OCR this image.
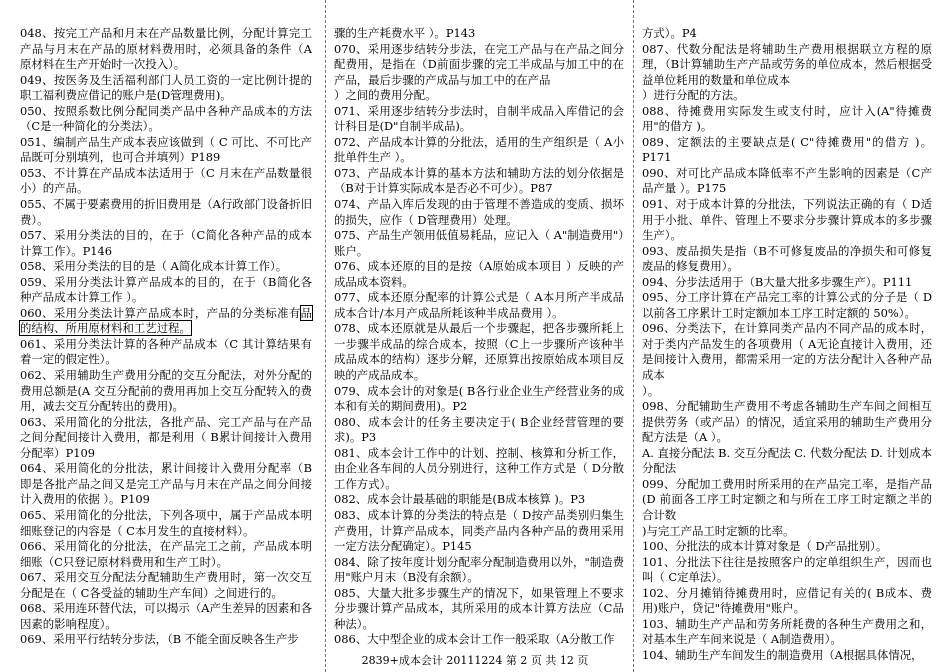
048、按完工产品和月末在产品数量比例，分配计算完工产品与月末在产品的原材料费用时，必须具备的条件（A原材料在生产开始时一次投入）。

049、按医务及生活福利部门人员工资的一定比例计提的职工福利费应借记的账户是(D管理费用)。

050、按照系数比例分配同类产品中各种产品成本的方法（C是一种简化的分类法）。

051、编制产品生产成本表应该做到（ C 可比、不可比产品既可分别填列，也可合并填列）P189

053、不计算在产品成本法适用于（C 月末在产品数量很小）的产品。

055、不属于要素费用的折旧费用是（A行政部门设备折旧费）。

057、采用分类法的目的，在于（C简化各种产品的成本计算工作）。P146

058、采用分类法的目的是（ A简化成本计算工作）。

059、采用分类法计算产品成本的目的，在于（B简化各种产品成本计算工作 ）。

060、采用分类法计算产品成本时，产品的分类标准有品的结构、所用原材料和工艺过程。

061、采用分类法计算的各种产品成本（C 其计算结果有着一定的假定性）。

062、采用辅助生产费用分配的交互分配法，对外分配的费用总额是(A 交互分配前的费用再加上交互分配转入的费用，减去交互分配转出的费用)。

063、采用简化的分批法，各批产品、完工产品与在产品之间分配间接计入费用，都是利用（ B累计间接计入费用分配率）P109

064、采用简化的分批法，累计间接计入费用分配率（B即是各批产品之间又是完工产品与月末在产品之间分间接计入费用的依据 ）。P109

065、采用简化的分批法，下列各项中，属于产品成本明细账登记的内容是（ C本月发生的直接材料）。

066、采用简化的分批法，在产品完工之前，产品成本明细账（C只登记原材料费用和生产工时）。

067、采用交互分配法分配辅助生产费用时，第一次交互分配是在（ C各受益的辅助生产车间）之间进行的。

068、采用连环替代法，可以揭示（A产生差异的因素和各因素的影响程度）。

069、采用平行结转分步法，（B 不能全面反映各生产步

骤的生产耗费水平 ）。P143

070、采用逐步结转分步法，在完工产品与在产品之间分配费用，是指在（D前面步骤的完工半成品与加工中的在产品，最后步骤的产成品与加工中的在产品

）之间的费用分配。

071、采用逐步结转分步法时，自制半成品入库借记的会计科目是(D"自制半成品)。

072、产品成本计算的分批法，适用的生产组织是（ A小批单件生产 ）。

073、产品成本计算的基本方法和辅助方法的划分依据是（B对于计算实际成本是否必不可少）。P87

074、产品入库后发现的由于管理不善造成的变质、损坏的损失，应作（ D管理费用）处理。

075、产品生产领用低值易耗品，应记入（ A"制造费用"）账户。

076、成本还原的目的是按（A原始成本项目 ）反映的产成品成本资料。

077、成本还原分配率的计算公式是（ A本月所产半成品成本合计/本月产成品所耗该种半成品费用 ）。

078、成本还原就是从最后一个步骤起，把各步骤所耗上一步骤半成品的综合成本，按照（C上一步骤所产该种半成品成本的结构）逐步分解，还原算出按原始成本项目反映的产成品成本。

079、成本会计的对象是( B各行业企业生产经营业务的成本和有关的期间费用)。P2

080、成本会计的任务主要决定于( B企业经营管理的要求)。P3

081、成本会计工作中的计划、控制、核算和分析工作，由企业各车间的人员分别进行，这种工作方式是（ D分散工作方式）。

082、成本会计最基础的职能是(B成本核算 )。P3

083、成本计算的分类法的特点是（ D按产品类别归集生产费用，计算产品成本，同类产品内各种产品的费用采用一定方法分配确定）。P145

084、除了按年度计划分配率分配制造费用以外，"制造费用"账户月末（B没有余额）。

085、大量大批多步骤生产的情况下，如果管理上不要求分步骤计算产品成本，其所采用的成本计算方法应（C品种法）。

086、大中型企业的成本会计工作一般采取（A分散工作

方式）。P4

087、代数分配法是将辅助生产费用根据联立方程的原理，（B计算辅助生产产品或劳务的单位成本，然后根据受益单位耗用的数量和单位成本

）进行分配的方法。

088、待摊费用实际发生或支付时，应计入(A"待摊费用"的借方 )。

089、定额法的主要缺点是( C"待摊费用"的借方 )。P171

090、对可比产品成本降低率不产生影响的因素是（C产品产量 ）。P175

091、对于成本计算的分批法，下列说法正确的有（ D适用于小批、单件、管理上不要求分步骤计算成本的多步骤生产）。

093、废品损失是指（B不可修复废品的净损失和可修复废品的修复费用）。

094、分步法适用于（B大量大批多步骤生产）。P111

095、分工序计算在产品完工率的计算公式的分子是（ D以前各工序累计工时定额加本工序工时定额的 50%）。

096、分类法下，在计算同类产品内不同产品的成本时，对于类内产品发生的各项费用（ A无论直接计入费用，还是间接计入费用，都需采用一定的方法分配计入各种产品成本

）。

098、分配辅助生产费用不考虑各辅助生产车间之间相互提供劳务（或产品）的情况，适宜采用的辅助生产费用分配方法是（A ）。

A. 直接分配法 B. 交互分配法 C. 代数分配法 D. 计划成本分配法

099、分配加工费用时所采用的在产品完工率，是指产品(D 前面各工序工时定额之和与所在工序工时定额之半的合计数

)与完工产品工时定额的比率。

100、分批法的成本计算对象是（ D产品批别）。

101、分批法下往往是按照客户的定单组织生产，因而也叫（ C定单法）。

102、分月摊销待摊费用时，应借记有关的( B成本、费用)账户，贷记"待摊费用"账户。

103、辅助生产产品和劳务所耗费的各种生产费用之和，对基本生产车间来说是（ A制造费用）。

104、辅助生产车间发生的制造费用（A根据具体情况，

2839+成本会计 20111224 第 2 页 共 12 页
